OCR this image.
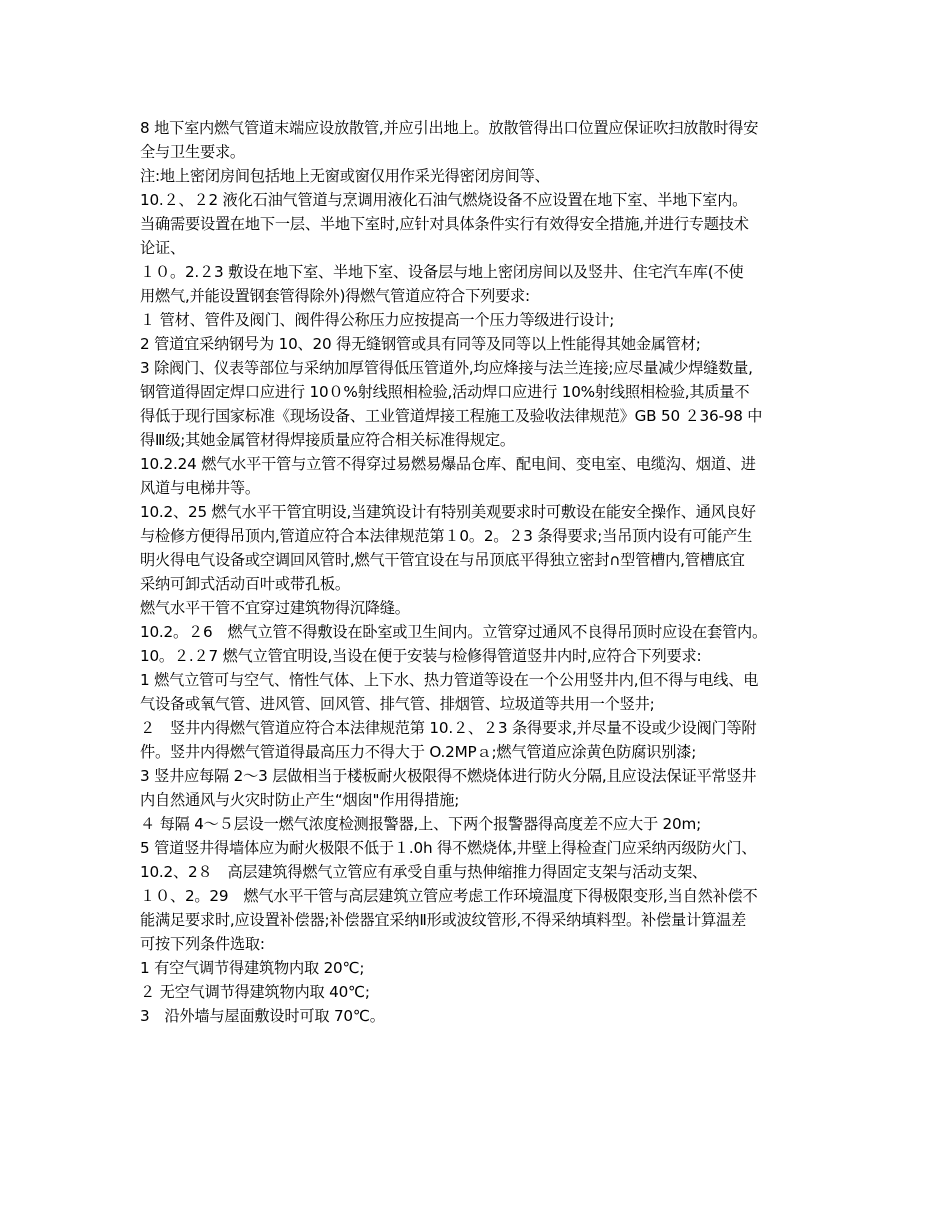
8 地下室内燃气管道末端应设放散管,并应引出地上。放散管得出口位置应保证吹扫放散时得安
全与卫生要求。
注:地上密闭房间包括地上无窗或窗仅用作采光得密闭房间等、
10.２、２2 液化石油气管道与烹调用液化石油气燃烧设备不应设置在地下室、半地下室内。
当确需要设置在地下一层、半地下室时,应针对具体条件实行有效得安全措施,并进行专题技术
论证、
１０。2.２3 敷设在地下室、半地下室、设备层与地上密闭房间以及竖井、住宅汽车库(不使
用燃气,并能设置钢套管得除外)得燃气管道应符合下列要求:
１ 管材、管件及阀门、阀件得公称压力应按提高一个压力等级进行设计;
2 管道宜采纳钢号为 10、20 得无缝钢管或具有同等及同等以上性能得其她金属管材;
3 除阀门、仪表等部位与采纳加厚管得低压管道外,均应烽接与法兰连接;应尽量减少焊缝数量,
钢管道得固定焊口应进行 10０%射线照相检验,活动焊口应进行 10%射线照相检验,其质量不
得低于现行国家标准《现场设备、工业管道焊接工程施工及验收法律规范》GB 50 ２36-98 中
得Ⅲ级;其她金属管材得焊接质量应符合相关标准得规定。
10.2.24 燃气水平干管与立管不得穿过易燃易爆品仓库、配电间、变电室、电缆沟、烟道、进
风道与电梯井等。
10.2、25 燃气水平干管宜明设,当建筑设计有特别美观要求时可敷设在能安全操作、通风良好
与检修方便得吊顶内,管道应符合本法律规范第１0。2。２3 条得要求;当吊顶内设有可能产生
明火得电气设备或空调回风管时,燃气干管宜设在与吊顶底平得独立密封∩型管槽内,管槽底宜
采纳可卸式活动百叶或带孔板。
燃气水平干管不宜穿过建筑物得沉降缝。
10.2。２6　燃气立管不得敷设在卧室或卫生间内。立管穿过通风不良得吊顶时应设在套管内。
10。２.２7 燃气立管宜明设,当设在便于安装与检修得管道竖井内时,应符合下列要求:
1 燃气立管可与空气、惰性气体、上下水、热力管道等设在一个公用竖井内,但不得与电线、电
气设备或氧气管、进风管、回风管、排气管、排烟管、垃圾道等共用一个竖井;
２　竖井内得燃气管道应符合本法律规范第 10.２、２3 条得要求,并尽量不设或少设阀门等附
件。竖井内得燃气管道得最高压力不得大于 O.2MPａ;燃气管道应涂黄色防腐识别漆;
3 竖井应每隔 2～3 层做相当于楼板耐火极限得不燃烧体进行防火分隔,且应设法保证平常竖井
内自然通风与火灾时防止产生“烟囱"作用得措施;
４ 每隔 4～５层设一燃气浓度检测报警器,上、下两个报警器得高度差不应大于 20m;
5 管道竖井得墙体应为耐火极限不低于１.0h 得不燃烧体,井壁上得检查门应采纳丙级防火门、
10.2、2８　高层建筑得燃气立管应有承受自重与热伸缩推力得固定支架与活动支架、
１０、2。29　燃气水平干管与高层建筑立管应考虑工作环境温度下得极限变形,当自然补偿不
能满足要求时,应设置补偿器;补偿器宜采纳Ⅱ形或波纹管形,不得采纳填料型。补偿量计算温差
可按下列条件选取:
1 有空气调节得建筑物内取 20℃;
２ 无空气调节得建筑物内取 40℃;
3　沿外墙与屋面敷设时可取 70℃。
